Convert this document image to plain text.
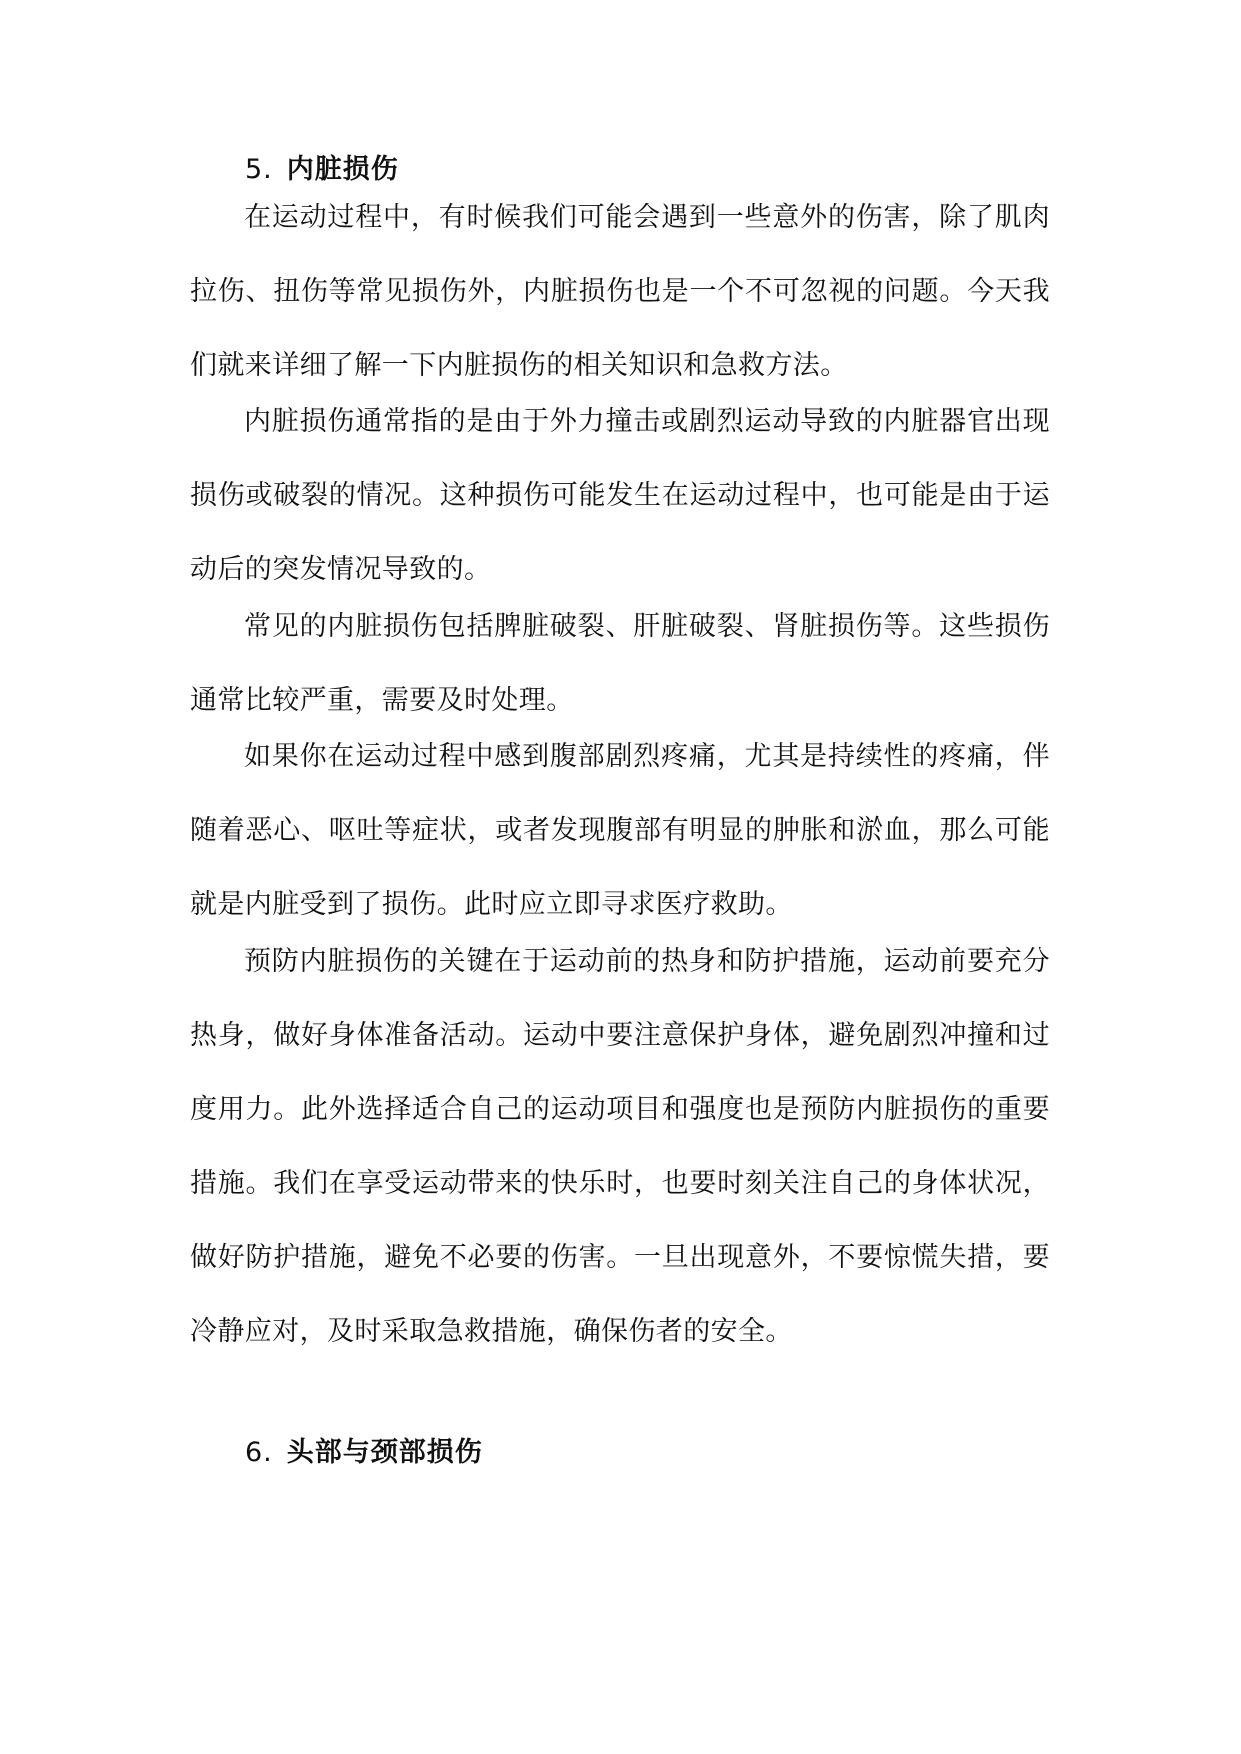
5. 内脏损伤

在运动过程中，有时候我们可能会遇到一些意外的伤害，除了肌肉拉伤、扭伤等常见损伤外，内脏损伤也是一个不可忽视的问题。今天我们就来详细了解一下内脏损伤的相关知识和急救方法。

内脏损伤通常指的是由于外力撞击或剧烈运动导致的内脏器官出现损伤或破裂的情况。这种损伤可能发生在运动过程中，也可能是由于运动后的突发情况导致的。

常见的内脏损伤包括脾脏破裂、肝脏破裂、肾脏损伤等。这些损伤通常比较严重，需要及时处理。

如果你在运动过程中感到腹部剧烈疼痛，尤其是持续性的疼痛，伴随着恶心、呕吐等症状，或者发现腹部有明显的肿胀和淤血，那么可能就是内脏受到了损伤。此时应立即寻求医疗救助。

预防内脏损伤的关键在于运动前的热身和防护措施，运动前要充分热身，做好身体准备活动。运动中要注意保护身体，避免剧烈冲撞和过度用力。此外选择适合自己的运动项目和强度也是预防内脏损伤的重要措施。我们在享受运动带来的快乐时，也要时刻关注自己的身体状况，做好防护措施，避免不必要的伤害。一旦出现意外，不要惊慌失措，要冷静应对，及时采取急救措施，确保伤者的安全。

6. 头部与颈部损伤
